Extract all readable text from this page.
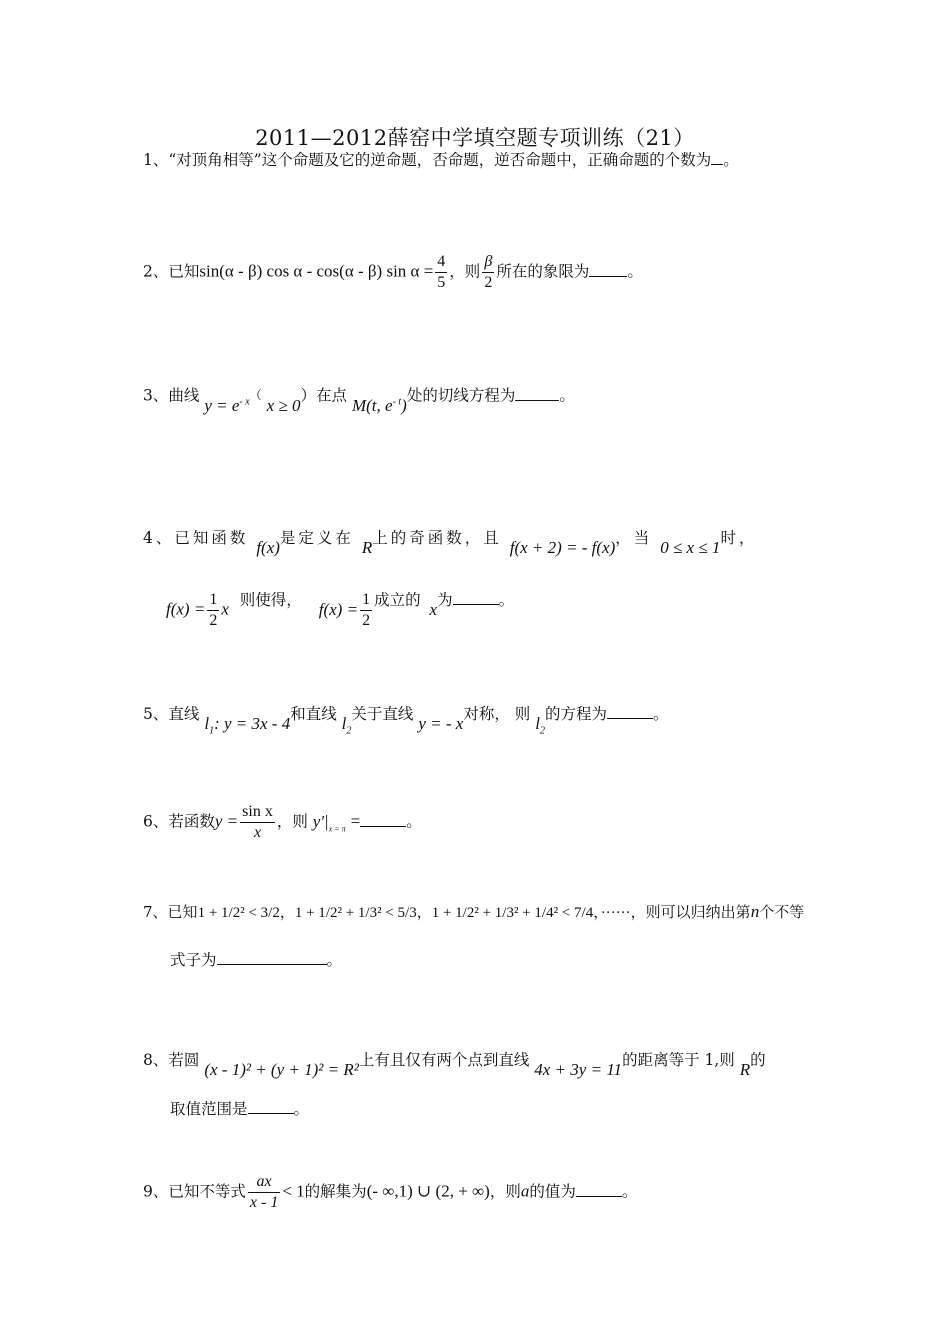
2011—2012薛窑中学填空题专项训练（21）
1、“对顶角相等”这个命题及它的逆命题，否命题，逆否命题中，正确命题的个数为 。
2、已知sin(α - β) cos α - cos(α - β) $\sin \alpha = \frac{4}{5}$ ，则 $\frac{\beta}{2}$ 所在的象限为 。
3、曲线 $y = e^{- x}$（ x ≥ 0）在点 M(t, $e^{- t}$)处的切线方程为	。
4、已知函数 f(x)是定义在 R上的奇函数，且 f(x + 2) = - f(x)，当 0 ≤ x ≤ 1时，
$f(x) = \frac{1}{2}$ x 则使得， $f(x) = \frac{1}{2}$ 成立的 x为	。
5、直线 $l_1$: y = 3x - 4和直线 $l_2$关于直线 y = - x对称， 则 $l_2$的方程为	。
6、若函数$y = \frac{\text{sin x}}{x}$ ，则 $y'|_{x = \pi}$ =	。
7、已知1 + 1/2² < 3/2，1 + 1/2² + 1/3² < 5/3，1 + 1/2² + 1/3² + 1/4² < 7/4，······，则可以归纳出第n个不等
式子为	。
8、若圆 (x - 1)² + (y + 1)² = R²上有且仅有两个点到直线 4x + 3y = 11的距离等于 1,则 R的
取值范围是	。
9、已知不等式 $\frac{ax}{x - 1} < 1$的解集为(- ∞,1) ∪ (2, + ∞)，则a的值为	。
